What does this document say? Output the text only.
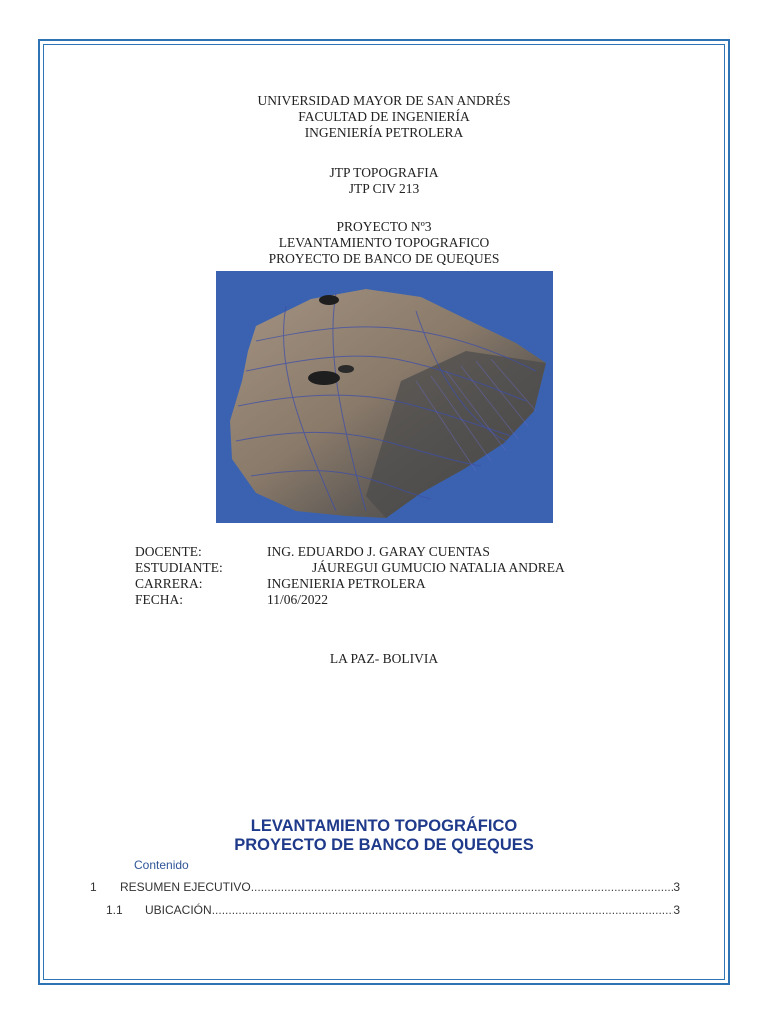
UNIVERSIDAD MAYOR DE SAN ANDRÉS
FACULTAD DE INGENIERÍA
INGENIERÍA PETROLERA
JTP TOPOGRAFIA
JTP CIV 213
PROYECTO Nº3
LEVANTAMIENTO TOPOGRAFICO
PROYECTO DE BANCO DE QUEQUES
DOCENTE:	ING. EDUARDO J. GARAY CUENTAS
ESTUDIANTE:	JÁUREGUI GUMUCIO NATALIA ANDREA
CARRERA:	INGENIERIA PETROLERA
FECHA:	11/06/2022
LA PAZ- BOLIVIA
LEVANTAMIENTO TOPOGRÁFICO
PROYECTO DE BANCO DE QUEQUES
Contenido
1	RESUMEN EJECUTIVO .....	3
1.1	UBICACIÓN .....	3
